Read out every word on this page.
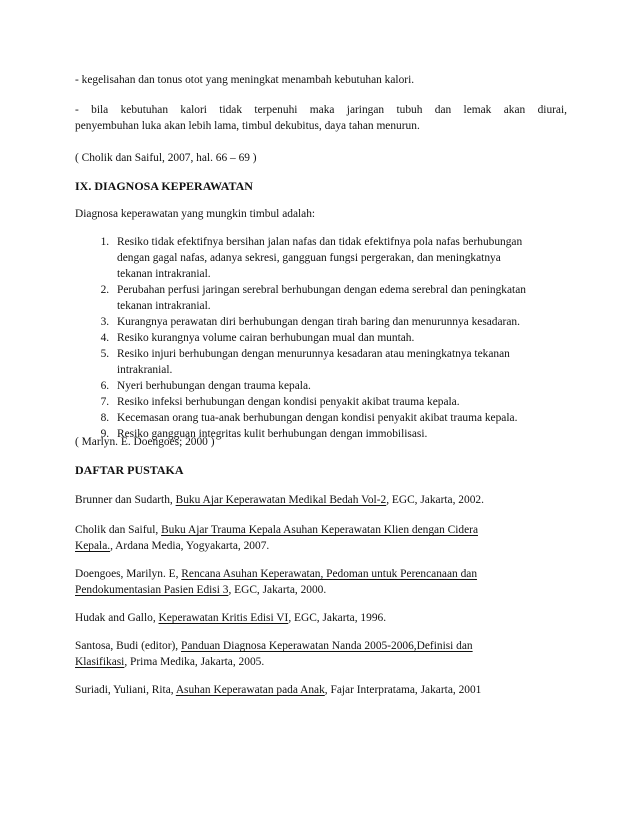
- kegelisahan dan tonus otot yang meningkat menambah kebutuhan kalori.

- bila kebutuhan kalori tidak terpenuhi maka jaringan tubuh dan lemak akan diurai,
penyembuhan luka akan lebih lama, timbul dekubitus, daya tahan menurun.

( Cholik dan Saiful, 2007, hal. 66 – 69 )

IX. DIAGNOSA KEPERAWATAN

Diagnosa keperawatan yang mungkin timbul adalah:

1. Resiko tidak efektifnya bersihan jalan nafas dan tidak efektifnya pola nafas berhubungan
dengan gagal nafas, adanya sekresi, gangguan fungsi pergerakan, dan meningkatnya
tekanan intrakranial.
2. Perubahan perfusi jaringan serebral berhubungan dengan edema serebral dan peningkatan
tekanan intrakranial.
3. Kurangnya perawatan diri berhubungan dengan tirah baring dan menurunnya kesadaran.
4. Resiko kurangnya volume cairan berhubungan mual dan muntah.
5. Resiko injuri berhubungan dengan menurunnya kesadaran atau meningkatnya tekanan
intrakranial.
6. Nyeri berhubungan dengan trauma kepala.
7. Resiko infeksi berhubungan dengan kondisi penyakit akibat trauma kepala.
8. Kecemasan orang tua-anak berhubungan dengan kondisi penyakit akibat trauma kepala.
9. Resiko gangguan integritas kulit berhubungan dengan immobilisasi.

( Marlyn. E. Doengoes; 2000 )

DAFTAR PUSTAKA

Brunner dan Sudarth, Buku Ajar Keperawatan Medikal Bedah Vol-2, EGC, Jakarta, 2002.

Cholik dan Saiful, Buku Ajar Trauma Kepala Asuhan Keperawatan Klien dengan Cidera
Kepala., Ardana Media, Yogyakarta, 2007.
Doengoes, Marilyn. E, Rencana Asuhan Keperawatan, Pedoman untuk Perencanaan dan
Pendokumentasian Pasien Edisi 3, EGC, Jakarta, 2000.

Hudak and Gallo, Keperawatan Kritis Edisi VI, EGC, Jakarta, 1996.

Santosa, Budi (editor), Panduan Diagnosa Keperawatan Nanda 2005-2006,Definisi dan
Klasifikasi, Prima Medika, Jakarta, 2005.

Suriadi, Yuliani, Rita, Asuhan Keperawatan pada Anak, Fajar Interpratama, Jakarta, 2001
